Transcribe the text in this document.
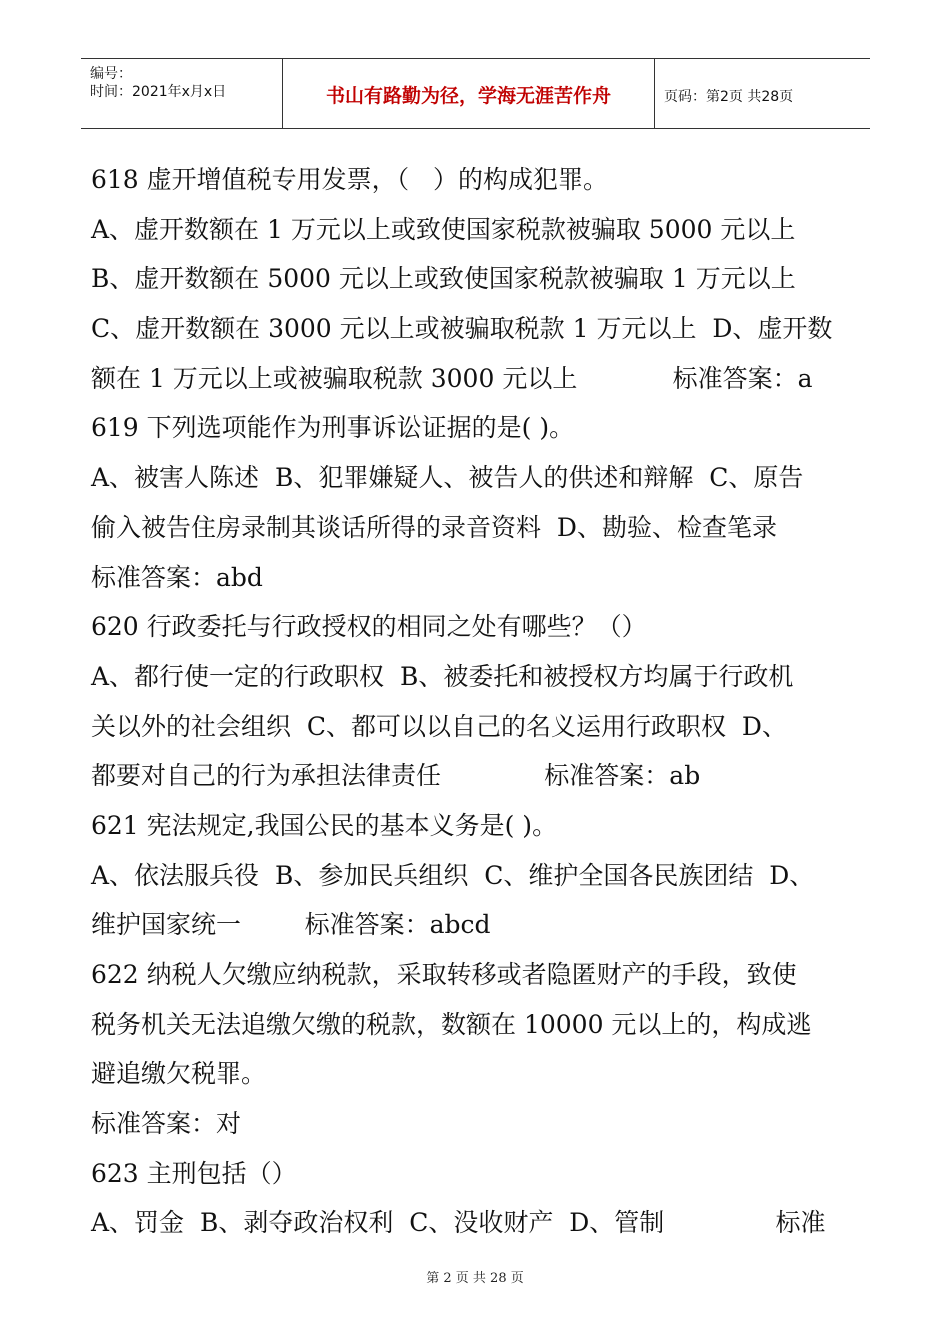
编号：
时间：2021年x月x日	书山有路勤为径，学海无涯苦作舟	页码：第2页 共28页
618 虚开增值税专用发票，（   ）的构成犯罪。
A、虚开数额在 1 万元以上或致使国家税款被骗取 5000 元以上
B、虚开数额在 5000 元以上或致使国家税款被骗取 1 万元以上
C、虚开数额在 3000 元以上或被骗取税款 1 万元以上  D、虚开数
额在 1 万元以上或被骗取税款 3000 元以上            标准答案：a
619 下列选项能作为刑事诉讼证据的是( )。
A、被害人陈述  B、犯罪嫌疑人、被告人的供述和辩解  C、原告
偷入被告住房录制其谈话所得的录音资料  D、勘验、检查笔录
标准答案：abd
620 行政委托与行政授权的相同之处有哪些？（）
A、都行使一定的行政职权  B、被委托和被授权方均属于行政机
关以外的社会组织  C、都可以以自己的名义运用行政职权  D、
都要对自己的行为承担法律责任             标准答案：ab
621 宪法规定,我国公民的基本义务是( )。
A、依法服兵役  B、参加民兵组织  C、维护全国各民族团结  D、
维护国家统一        标准答案：abcd
622 纳税人欠缴应纳税款，采取转移或者隐匿财产的手段，致使
税务机关无法追缴欠缴的税款，数额在 10000 元以上的，构成逃
避追缴欠税罪。
标准答案：对
623 主刑包括（）
A、罚金  B、剥夺政治权利  C、没收财产  D、管制              标准
第 2 页 共 28 页
